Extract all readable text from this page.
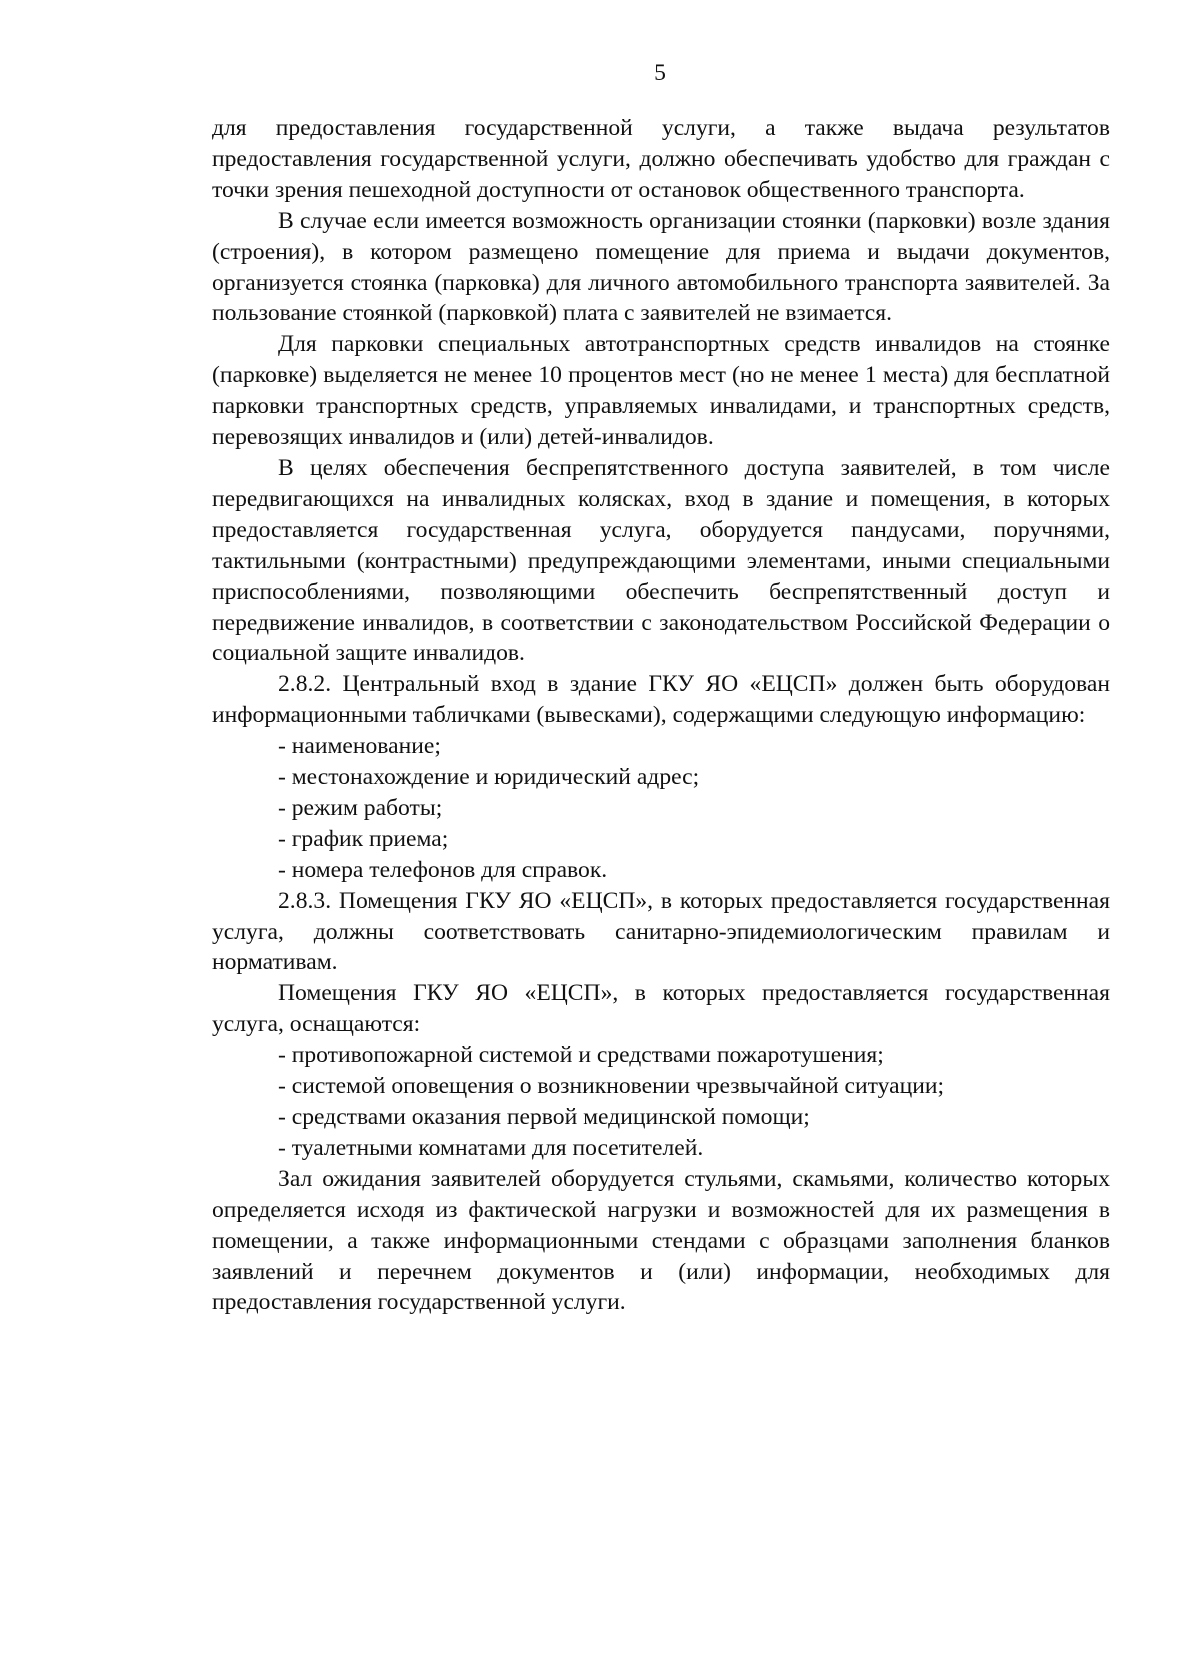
5

для предоставления государственной услуги, а также выдача результатов предоставления государственной услуги, должно обеспечивать удобство для граждан с точки зрения пешеходной доступности от остановок общественного транспорта.

В случае если имеется возможность организации стоянки (парковки) возле здания (строения), в котором размещено помещение для приема и выдачи документов, организуется стоянка (парковка) для личного автомобильного транспорта заявителей. За пользование стоянкой (парковкой) плата с заявителей не взимается.

Для парковки специальных автотранспортных средств инвалидов на стоянке (парковке) выделяется не менее 10 процентов мест (но не менее 1 места) для бесплатной парковки транспортных средств, управляемых инвалидами, и транспортных средств, перевозящих инвалидов и (или) детей-инвалидов.

В целях обеспечения беспрепятственного доступа заявителей, в том числе передвигающихся на инвалидных колясках, вход в здание и помещения, в которых предоставляется государственная услуга, оборудуется пандусами, поручнями, тактильными (контрастными) предупреждающими элементами, иными специальными приспособлениями, позволяющими обеспечить беспрепятственный доступ и передвижение инвалидов, в соответствии с законодательством Российской Федерации о социальной защите инвалидов.

2.8.2. Центральный вход в здание ГКУ ЯО «ЕЦСП» должен быть оборудован информационными табличками (вывесками), содержащими следующую информацию:

- наименование;

- местонахождение и юридический адрес;

- режим работы;

- график приема;

- номера телефонов для справок.

2.8.3. Помещения ГКУ ЯО «ЕЦСП», в которых предоставляется государственная услуга, должны соответствовать санитарно-эпидемиологическим правилам и нормативам.

Помещения ГКУ ЯО «ЕЦСП», в которых предоставляется государственная услуга, оснащаются:

- противопожарной системой и средствами пожаротушения;

- системой оповещения о возникновении чрезвычайной ситуации;

- средствами оказания первой медицинской помощи;

- туалетными комнатами для посетителей.

Зал ожидания заявителей оборудуется стульями, скамьями, количество которых определяется исходя из фактической нагрузки и возможностей для их размещения в помещении, а также информационными стендами с образцами заполнения бланков заявлений и перечнем документов и (или) информации, необходимых для предоставления государственной услуги.
